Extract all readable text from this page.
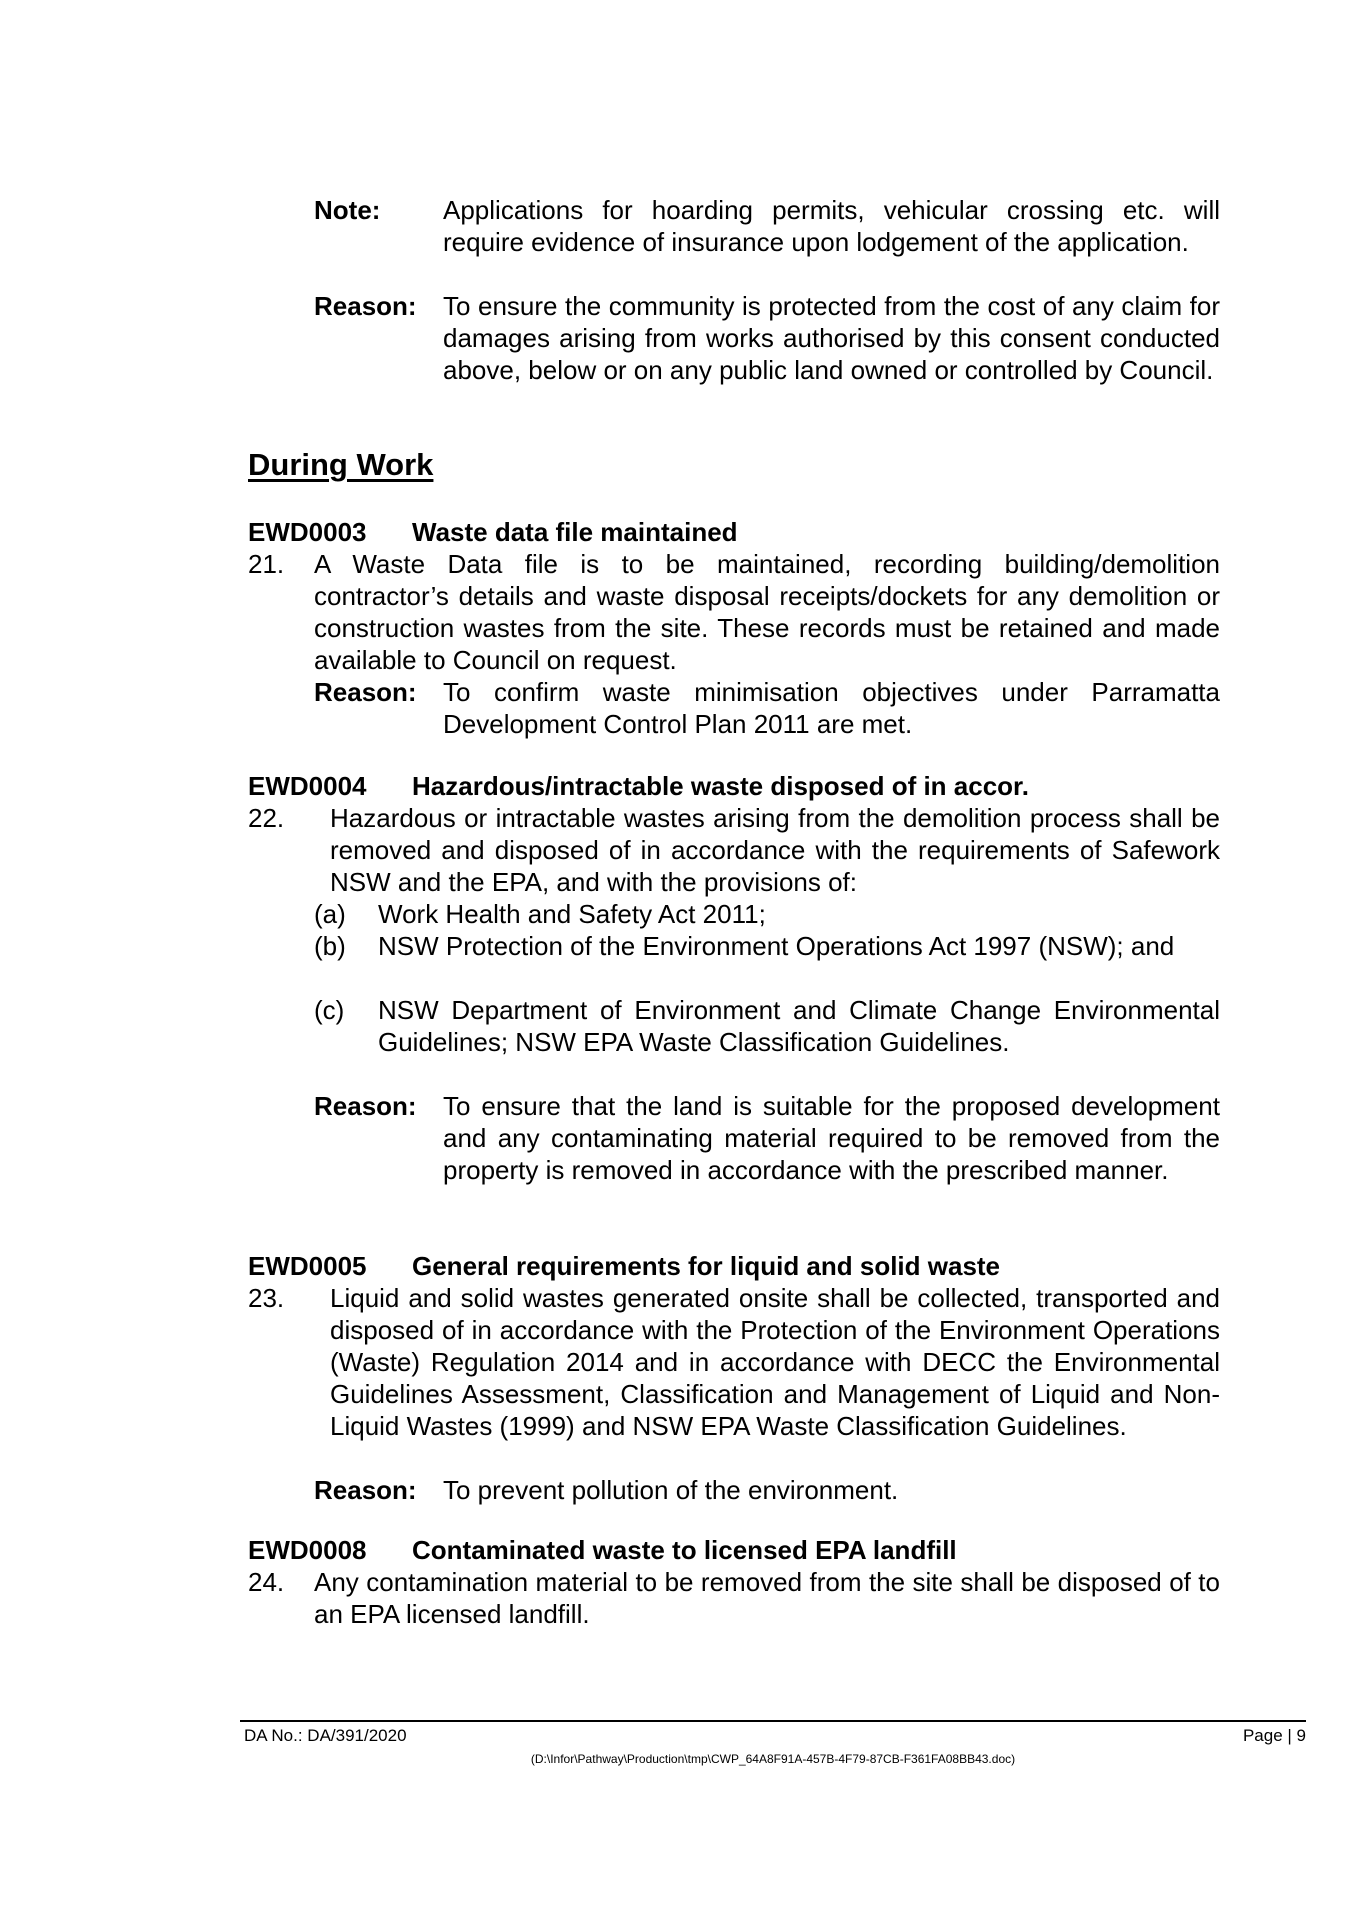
Note:	Applications for hoarding permits, vehicular crossing etc. will require evidence of insurance upon lodgement of the application.
Reason:	To ensure the community is protected from the cost of any claim for damages arising from works authorised by this consent conducted above, below or on any public land owned or controlled by Council.
During Work
EWD0003 Waste data file maintained
21.	A Waste Data file is to be maintained, recording building/demolition contractor’s details and waste disposal receipts/dockets for any demolition or construction wastes from the site. These records must be retained and made available to Council on request.
Reason:	To confirm waste minimisation objectives under Parramatta Development Control Plan 2011 are met.
EWD0004 Hazardous/intractable waste disposed of in accor.
22.	Hazardous or intractable wastes arising from the demolition process shall be removed and disposed of in accordance with the requirements of Safework NSW and the EPA, and with the provisions of:
(a)	Work Health and Safety Act 2011;
(b)	NSW Protection of the Environment Operations Act 1997 (NSW); and
(c)	NSW Department of Environment and Climate Change Environmental Guidelines; NSW EPA Waste Classification Guidelines.
Reason:	To ensure that the land is suitable for the proposed development and any contaminating material required to be removed from the property is removed in accordance with the prescribed manner.
EWD0005 General requirements for liquid and solid waste
23.	Liquid and solid wastes generated onsite shall be collected, transported and disposed of in accordance with the Protection of the Environment Operations (Waste) Regulation 2014 and in accordance with DECC the Environmental Guidelines Assessment, Classification and Management of Liquid and Non-Liquid Wastes (1999) and NSW EPA Waste Classification Guidelines.
Reason:	To prevent pollution of the environment.
EWD0008 Contaminated waste to licensed EPA landfill
24.	Any contamination material to be removed from the site shall be disposed of to an EPA licensed landfill.
DA No.: DA/391/2020	Page | 9
(D:\Infor\Pathway\Production\tmp\CWP_64A8F91A-457B-4F79-87CB-F361FA08BB43.doc)
